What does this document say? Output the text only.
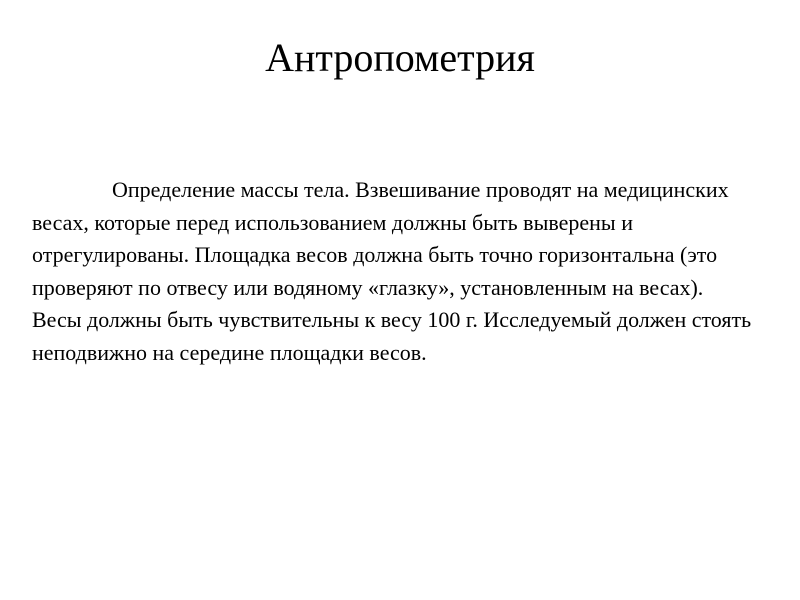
Антропометрия

Определение массы тела. Взвешивание проводят на медицинских весах, которые перед использованием должны быть выверены и отрегулированы. Площадка весов должна быть точно горизонтальна (это проверяют по отвесу или водяному «глазку», установленным на весах). Весы должны быть чувствительны к весу 100 г. Исследуемый должен стоять неподвижно на середине площадки весов.
